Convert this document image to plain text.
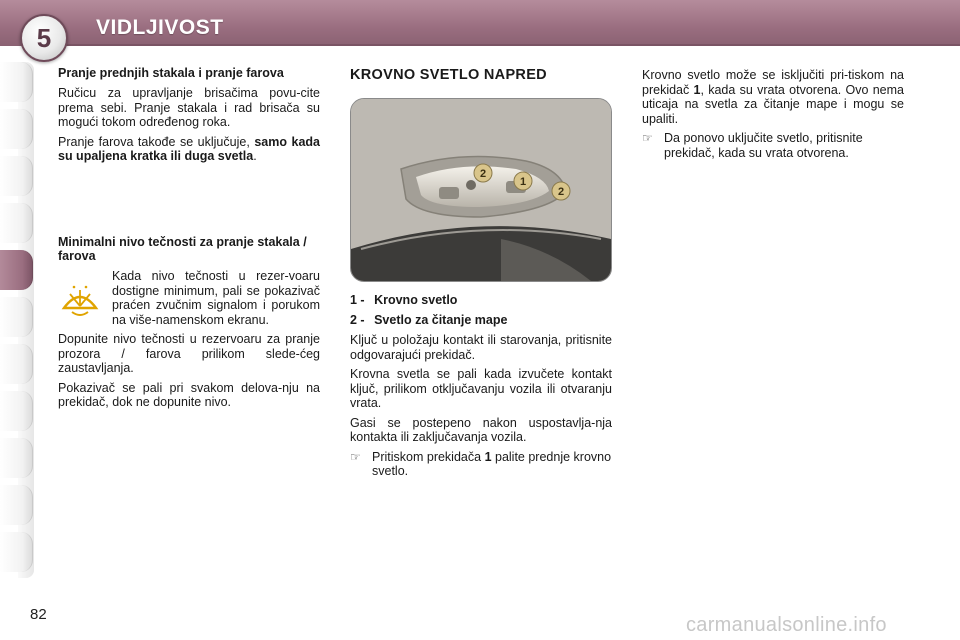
5	VIDLJIVOST
Pranje prednjih stakala i pranje farova

Ručicu za upravljanje brisačima povu-cite prema sebi. Pranje stakala i rad brisača su mogući tokom određenog roka.

Pranje farova takođe se uključuje, samo kada su upaljena kratka ili duga svetla.

Minimalni nivo tečnosti za pranje stakala / farova

Kada nivo tečnosti u rezer-voaru dostigne minimum, pali se pokazivač praćen zvučnim signalom i porukom na više-namenskom ekranu.

Dopunite nivo tečnosti u rezervoaru za pranje prozora / farova prilikom slede-ćeg zaustavljanja.

Pokazivač se pali pri svakom delova-nju na prekidač, dok ne dopunite nivo.

KROVNO SVETLO NAPRED
2
1
2
1 - Krovno svetlo
2 - Svetlo za čitanje mape

Ključ u položaju kontakt ili starovanja, pritisnite odgovarajući prekidač.

Krovna svetla se pali kada izvučete kontakt ključ, prilikom otključavanju vozila ili otvaranju vrata.

Gasi se postepeno nakon uspostavlja-nja kontakta ili zaključavanja vozila.

☞ Pritiskom prekidača 1 palite prednje krovno svetlo.

Krovno svetlo može se isključiti pri-tiskom na prekidač 1, kada su vrata otvorena. Ovo nema uticaja na svetla za čitanje mape i mogu se upaliti.

☞ Da ponovo uključite svetlo, pritisnite prekidač, kada su vrata otvorena.
82	carmanualsonline.info
